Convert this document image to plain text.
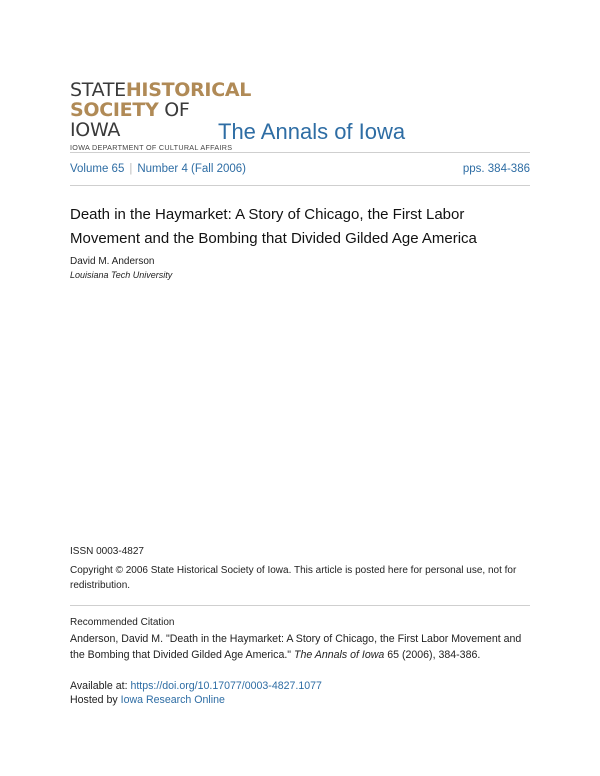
STATEHISTORICAL
SOCIETY OF IOWA
IOWA DEPARTMENT OF CULTURAL AFFAIRS
The Annals of Iowa
Volume 65 | Number 4 (Fall 2006)	pps. 384-386
Death in the Haymarket: A Story of Chicago, the First Labor Movement and the Bombing that Divided Gilded Age America
David M. Anderson
Louisiana Tech University
ISSN 0003-4827
Copyright © 2006 State Historical Society of Iowa. This article is posted here for personal use, not for redistribution.
Recommended Citation
Anderson, David M. "Death in the Haymarket: A Story of Chicago, the First Labor Movement and the Bombing that Divided Gilded Age America." The Annals of Iowa 65 (2006), 384-386.
Available at: https://doi.org/10.17077/0003-4827.1077
Hosted by Iowa Research Online
